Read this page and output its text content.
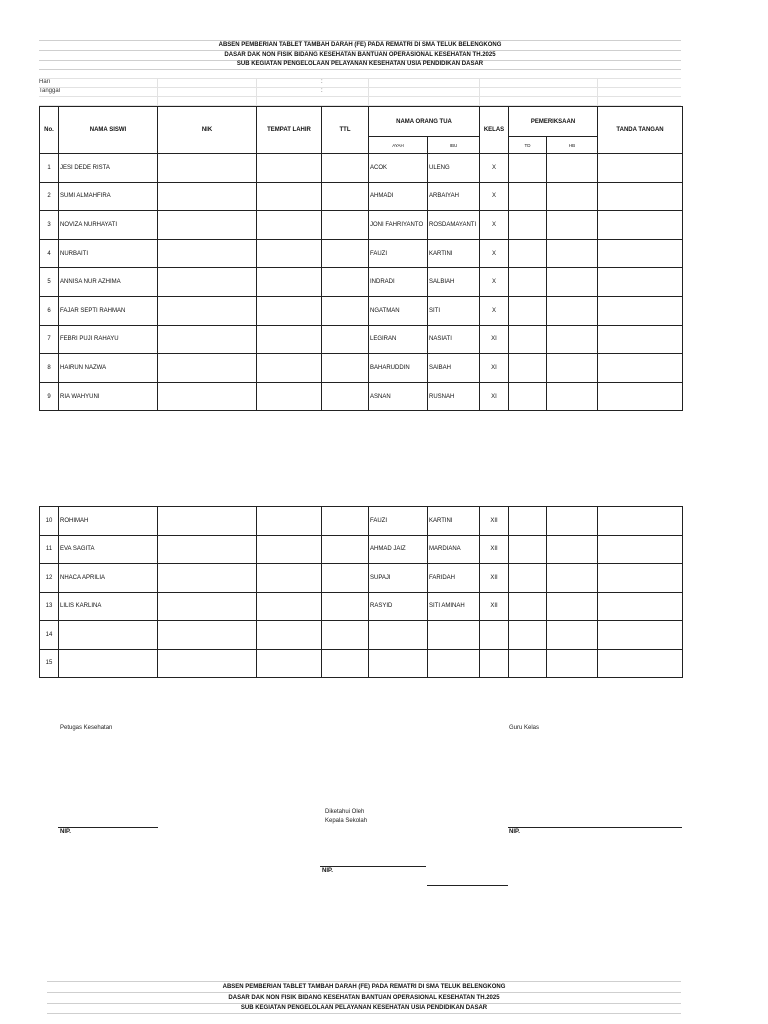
ABSEN PEMBERIAN TABLET TAMBAH DARAH (FE) PADA REMATRI DI SMA TELUK BELENGKONG
DASAR DAK NON FISIK BIDANG KESEHATAN BANTUAN OPERASIONAL KESEHATAN TH.2025
SUB KEGIATAN PENGELOLAAN PELAYANAN KESEHATAN USIA PENDIDIKAN DASAR
Hari	:
Tanggal	:
No.	NAMA SISWI	NIK	TEMPAT LAHIR	TTL	NAMA ORANG TUA		KELAS	PEMERIKSAAN		TANDA TANGAN
					AYAH	IBU		TD	HB	
1	JESI DEDE RISTA				ACOK	ULENG	X			
2	SUMI ALMAHFIRA				AHMADI	ARBAIYAH	X			
3	NOVIZA NURHAYATI				JONI FAHRIYANTO	ROSDAMAYANTI	X			
4	NURBAITI				FAUZI	KARTINI	X			
5	ANNISA NUR AZHIMA				INDRADI	SALBIAH	X			
6	FAJAR SEPTI RAHMAN				NGATMAN	SITI	X			
7	FEBRI PUJI RAHAYU				LEGIRAN	NASIATI	XI			
8	HAIRUN NAZWA				BAHARUDDIN	SAIBAH	XI			
9	RIA WAHYUNI				ASNAN	RUSNAH	XI			
10	ROHIMAH				FAUZI	KARTINI	XII			
11	EVA SAGITA				AHMAD JAIZ	MARDIANA	XII			
12	NHACA APRILIA				SUPAJI	FARIDAH	XII			
13	LILIS KARLINA				RASYID	SITI AMINAH	XII			
14										
15										
Petugas Kesehatan	Guru Kelas
Diketahui Oleh
Kepala Sekolah
NIP.	NIP.
NIP.
ABSEN PEMBERIAN TABLET TAMBAH DARAH (FE) PADA REMATRI DI SMA TELUK BELENGKONG
DASAR DAK NON FISIK BIDANG KESEHATAN BANTUAN OPERASIONAL KESEHATAN TH.2025
SUB KEGIATAN PENGELOLAAN PELAYANAN KESEHATAN USIA PENDIDIKAN DASAR
